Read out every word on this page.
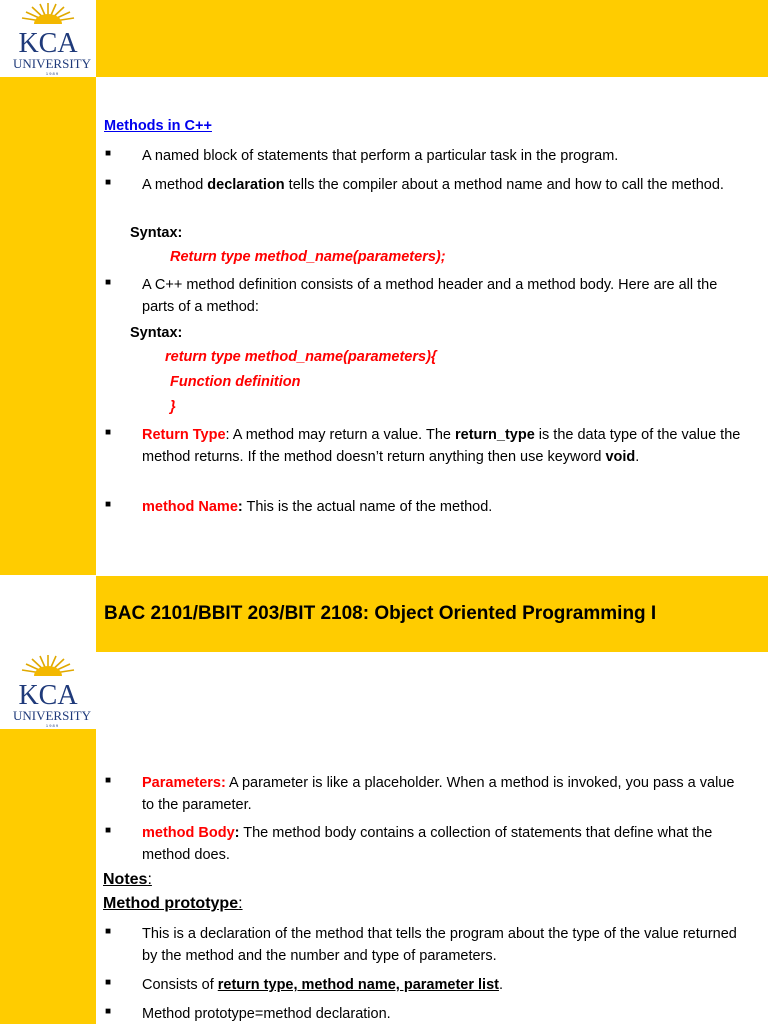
KCA
UNIVERSITY
1 9 8 9
Methods in C++
■ A named block of statements that perform a particular task in the program.
■ A method declaration tells the compiler about a method name and how to call the method.
Syntax:
Return type method_name(parameters);
■ A C++ method definition consists of a method header and a method body. Here are all the parts of a method:
Syntax:
return type method_name(parameters){
Function definition
}
■ Return Type: A method may return a value. The return_type is the data type of the value the method returns. If the method doesn’t return anything then use keyword void.
■ method Name: This is the actual name of the method.
BAC 2101/BBIT 203/BIT 2108: Object Oriented Programming I
KCA
UNIVERSITY
1 9 8 9
■ Parameters: A parameter is like a placeholder. When a method is invoked, you pass a value to the parameter.
■ method Body: The method body contains a collection of statements that define what the method does.
Notes:
Method prototype:
■ This is a declaration of the method that tells the program about the type of the value returned by the method and the number and type of parameters.
■ Consists of return type, method name, parameter list.
■ Method prototype=method declaration.
